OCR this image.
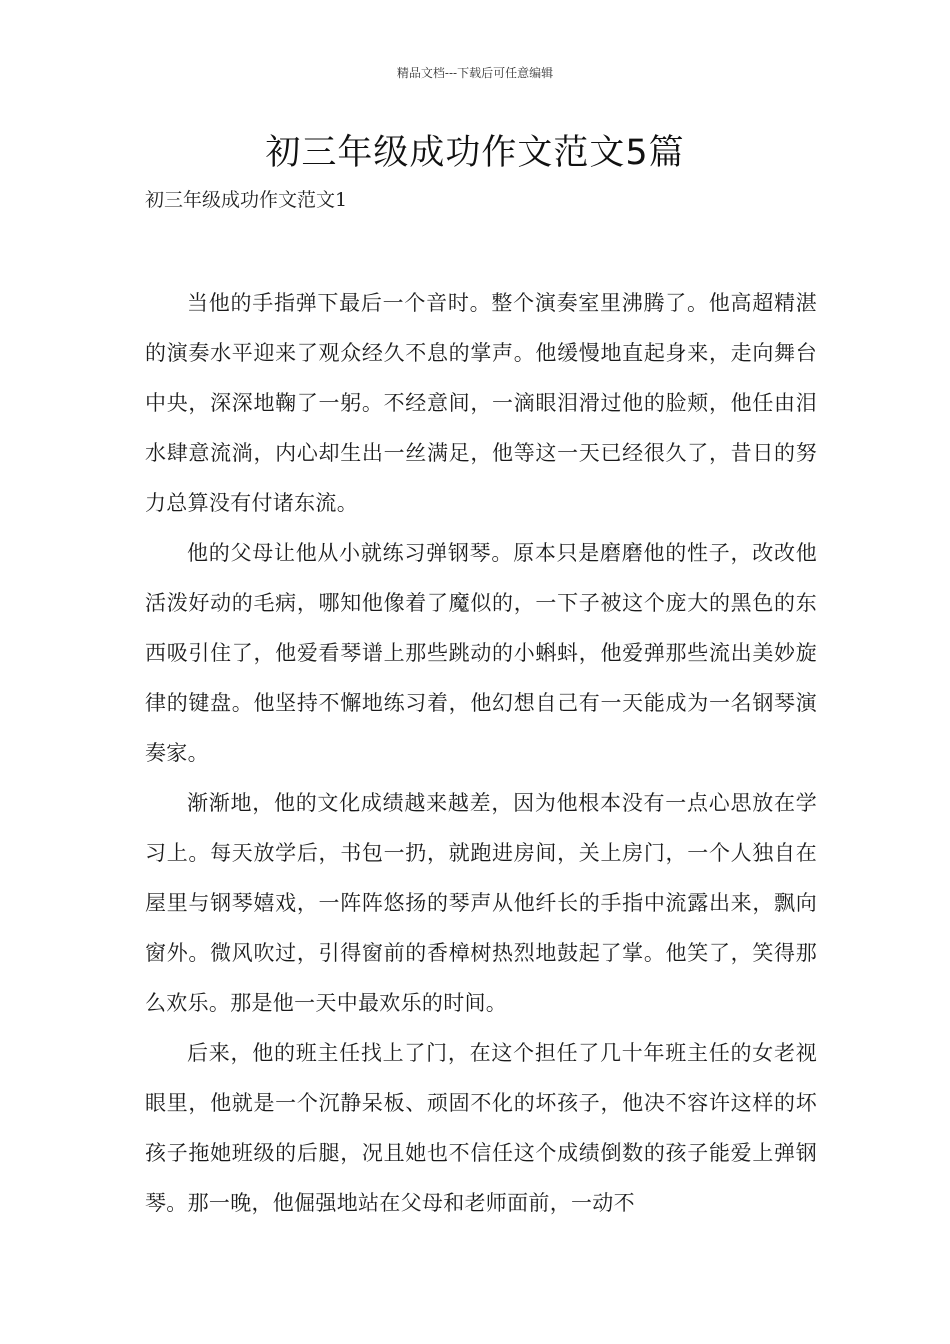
精品文档---下载后可任意编辑
初三年级成功作文范文5篇
初三年级成功作文范文1

当他的手指弹下最后一个音时。整个演奏室里沸腾了。他高超精湛的演奏水平迎来了观众经久不息的掌声。他缓慢地直起身来，走向舞台中央，深深地鞠了一躬。不经意间，一滴眼泪滑过他的脸颊，他任由泪水肆意流淌，内心却生出一丝满足，他等这一天已经很久了，昔日的努力总算没有付诸东流。

他的父母让他从小就练习弹钢琴。原本只是磨磨他的性子，改改他活泼好动的毛病，哪知他像着了魔似的，一下子被这个庞大的黑色的东西吸引住了，他爱看琴谱上那些跳动的小蝌蚪，他爱弹那些流出美妙旋律的键盘。他坚持不懈地练习着，他幻想自己有一天能成为一名钢琴演奏家。

渐渐地，他的文化成绩越来越差，因为他根本没有一点心思放在学习上。每天放学后，书包一扔，就跑进房间，关上房门，一个人独自在屋里与钢琴嬉戏，一阵阵悠扬的琴声从他纤长的手指中流露出来，飘向窗外。微风吹过，引得窗前的香樟树热烈地鼓起了掌。他笑了，笑得那么欢乐。那是他一天中最欢乐的时间。

后来，他的班主任找上了门，在这个担任了几十年班主任的女老视眼里，他就是一个沉静呆板、顽固不化的坏孩子，他决不容许这样的坏孩子拖她班级的后腿，况且她也不信任这个成绩倒数的孩子能爱上弹钢琴。那一晚，他倔强地站在父母和老师面前，一动不
